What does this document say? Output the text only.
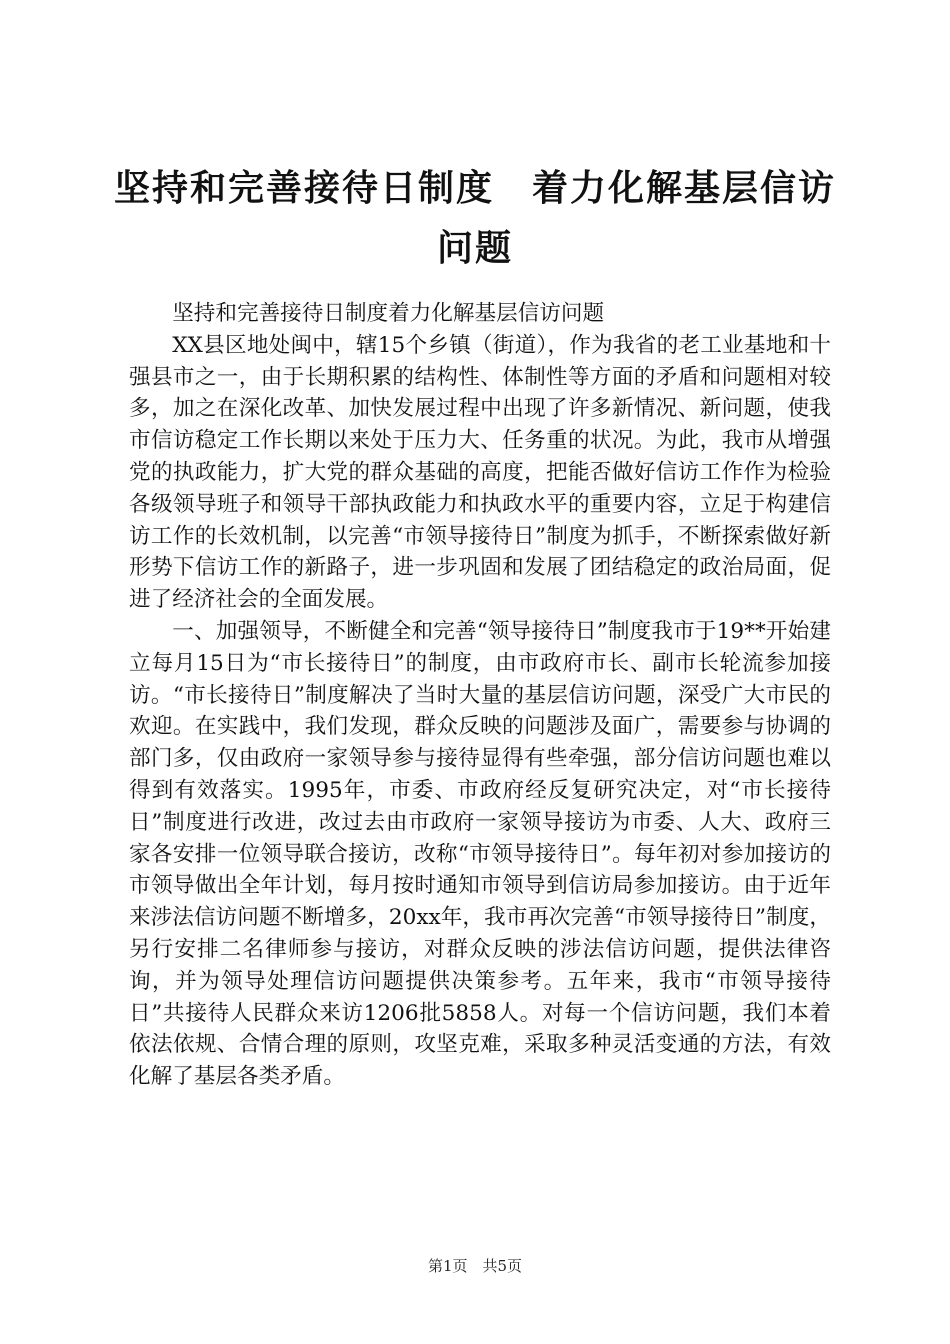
坚持和完善接待日制度　着力化解基层信访问题

坚持和完善接待日制度着力化解基层信访问题

XX县区地处闽中，辖15个乡镇（街道），作为我省的老工业基地和十强县市之一，由于长期积累的结构性、体制性等方面的矛盾和问题相对较多，加之在深化改革、加快发展过程中出现了许多新情况、新问题，使我市信访稳定工作长期以来处于压力大、任务重的状况。为此，我市从增强党的执政能力，扩大党的群众基础的高度，把能否做好信访工作作为检验各级领导班子和领导干部执政能力和执政水平的重要内容，立足于构建信访工作的长效机制，以完善“市领导接待日”制度为抓手，不断探索做好新形势下信访工作的新路子，进一步巩固和发展了团结稳定的政治局面，促进了经济社会的全面发展。

一、加强领导，不断健全和完善“领导接待日”制度我市于19**开始建立每月15日为“市长接待日”的制度，由市政府市长、副市长轮流参加接访。“市长接待日”制度解决了当时大量的基层信访问题，深受广大市民的欢迎。在实践中，我们发现，群众反映的问题涉及面广，需要参与协调的部门多，仅由政府一家领导参与接待显得有些牵强，部分信访问题也难以得到有效落实。1995年，市委、市政府经反复研究决定，对“市长接待日”制度进行改进，改过去由市政府一家领导接访为市委、人大、政府三家各安排一位领导联合接访，改称“市领导接待日”。每年初对参加接访的市领导做出全年计划，每月按时通知市领导到信访局参加接访。由于近年来涉法信访问题不断增多，20xx年，我市再次完善“市领导接待日”制度，另行安排二名律师参与接访，对群众反映的涉法信访问题，提供法律咨询，并为领导处理信访问题提供决策参考。五年来，我市“市领导接待日”共接待人民群众来访1206批5858人。对每一个信访问题，我们本着依法依规、合情合理的原则，攻坚克难，采取多种灵活变通的方法，有效化解了基层各类矛盾。

第1页　共5页
